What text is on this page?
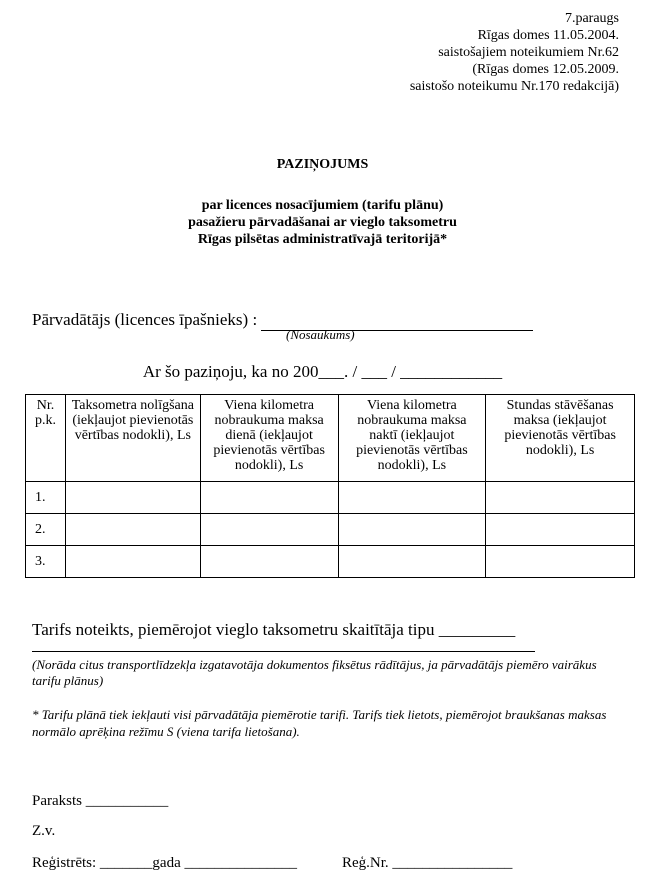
7.paraugs
Rīgas domes 11.05.2004.
saistošajiem noteikumiem Nr.62
(Rīgas domes 12.05.2009.
saistošo noteikumu Nr.170 redakcijā)
PAZIŅOJUMS
par licences nosacījumiem (tarifu plānu)
pasažieru pārvadāšanai ar vieglo taksometru
Rīgas pilsētas administratīvajā teritorijā*
Pārvadātājs (licences īpašnieks) :
(Nosaukums)
Ar šo paziņoju, ka no 200___. / ___ / ____________
Nr. p.k.	Taksometra nolīgšana (iekļaujot pievienotās vērtības nodokli), Ls	Viena kilometra nobraukuma maksa dienā (iekļaujot pievienotās vērtības nodokli), Ls	Viena kilometra nobraukuma maksa naktī (iekļaujot pievienotās vērtības nodokli), Ls	Stundas stāvēšanas maksa (iekļaujot pievienotās vērtības nodokli), Ls
1.				
2.				
3.				
Tarifs noteikts, piemērojot vieglo taksometru skaitītāja tipu _________
(Norāda citus transportlīdzekļa izgatavotāja dokumentos fiksētus rādītājus, ja pārvadātājs piemēro vairākus tarifu plānus)
* Tarifu plānā tiek iekļauti visi pārvadātāja piemērotie tarifi. Tarifs tiek lietots, piemērojot braukšanas maksas normālo aprēķina režīmu S (viena tarifa lietošana).
Paraksts ___________
Z.v.
Reģistrēts: _______gada _______________	Reģ.Nr. ________________
